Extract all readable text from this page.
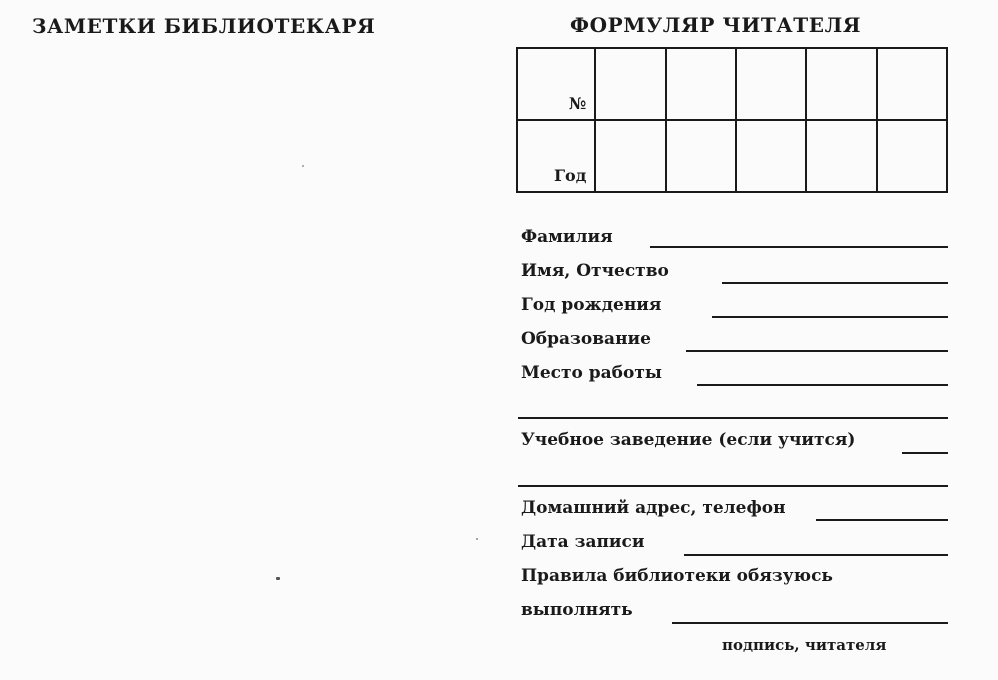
ЗАМЕТКИ БИБЛИОТЕКАРЯ	ФОРМУЛЯР ЧИТАТЕЛЯ
№					
Год					
Фамилия
Имя, Отчество
Год рождения
Образование
Место работы
Учебное заведение (если учится)
Домашний адрес, телефон
Дата записи
Правила библиотеки обязуюсь
выполнять
подпись, читателя
